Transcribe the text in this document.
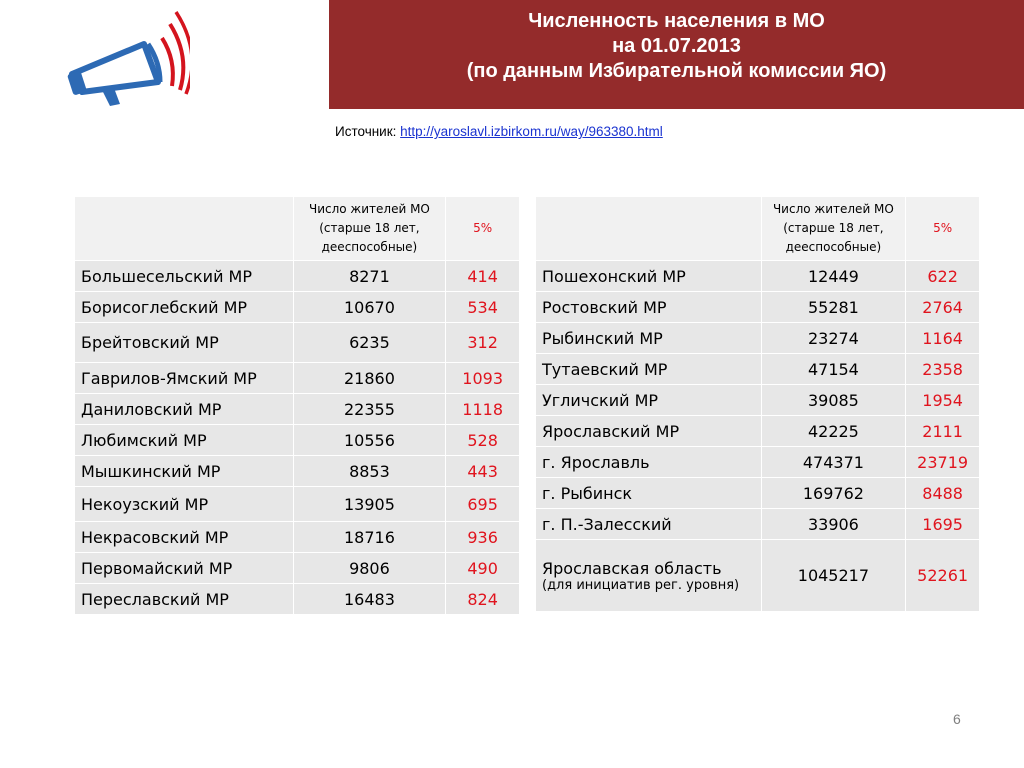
Численность населения в МО
на 01.07.2013
(по данным Избирательной комиссии ЯО)
Источник: http://yaroslavl.izbirkom.ru/way/963380.html

	Число жителей МО
(старше 18 лет,
дееспособные)	5%
Большесельский МР	8271	414
Борисоглебский МР	10670	534
Брейтовский МР	6235	312
Гаврилов-Ямский МР	21860	1093
Даниловский МР	22355	1118
Любимский МР	10556	528
Мышкинский МР	8853	443
Некоузский МР	13905	695
Некрасовский МР	18716	936
Первомайский МР	9806	490
Переславский МР	16483	824

	Число жителей МО
(старше 18 лет,
дееспособные)	5%
Пошехонский МР	12449	622
Ростовский МР	55281	2764
Рыбинский МР	23274	1164
Тутаевский МР	47154	2358
Угличский МР	39085	1954
Ярославский МР	42225	2111
г. Ярославль	474371	23719
г. Рыбинск	169762	8488
г. П.-Залесский	33906	1695
Ярославская область

(для инициатив рег. уровня)	1045217	52261
6
